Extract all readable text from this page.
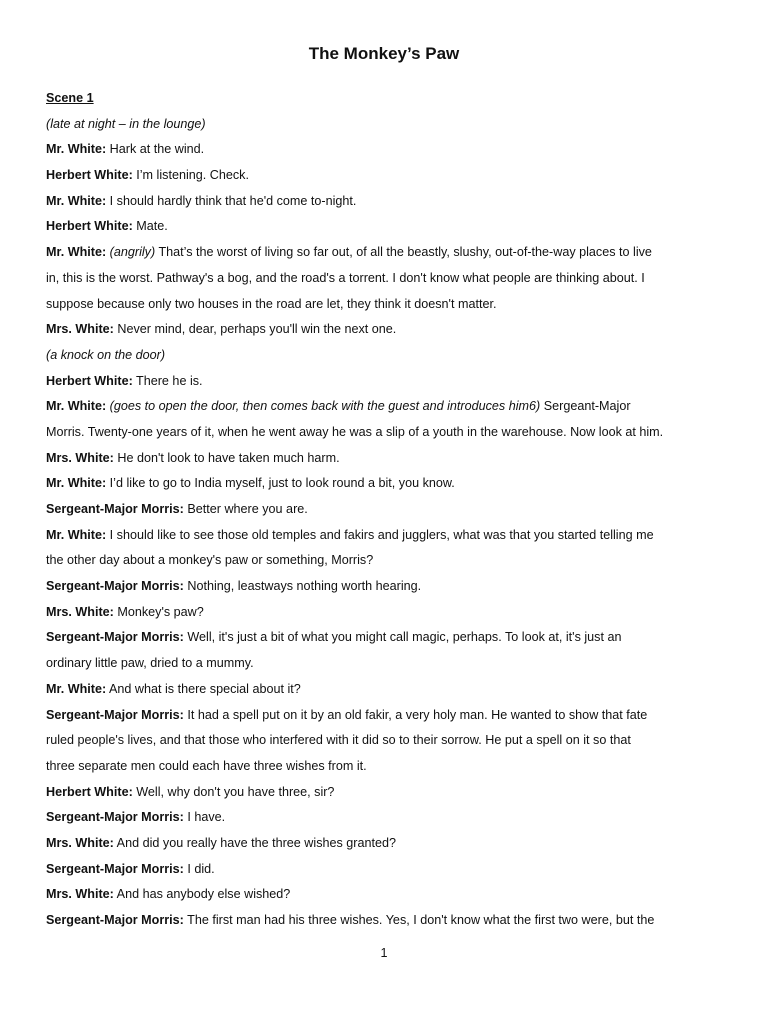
The Monkey’s Paw
Scene 1
(late at night – in the lounge)
Mr. White: Hark at the wind.
Herbert White: I’m listening. Check.
Mr. White: I should hardly think that he'd come to-night.
Herbert White: Mate.
Mr. White: (angrily) That’s the worst of living so far out, of all the beastly, slushy, out-of-the-way places to live
in, this is the worst. Pathway's a bog, and the road's a torrent. I don't know what people are thinking about. I
suppose because only two houses in the road are let, they think it doesn't matter.
Mrs. White: Never mind, dear, perhaps you'll win the next one.
(a knock on the door)
Herbert White: There he is.
Mr. White: (goes to open the door, then comes back with the guest and introduces him6) Sergeant-Major
Morris. Twenty-one years of it, when he went away he was a slip of a youth in the warehouse. Now look at him.
Mrs. White: He don't look to have taken much harm.
Mr. White: I’d like to go to India myself, just to look round a bit, you know.
Sergeant-Major Morris: Better where you are.
Mr. White: I should like to see those old temples and fakirs and jugglers, what was that you started telling me
the other day about a monkey's paw or something, Morris?
Sergeant-Major Morris: Nothing, leastways nothing worth hearing.
Mrs. White: Monkey's paw?
Sergeant-Major Morris: Well, it's just a bit of what you might call magic, perhaps. To look at, it's just an
ordinary little paw, dried to a mummy.
Mr. White: And what is there special about it?
Sergeant-Major Morris: It had a spell put on it by an old fakir, a very holy man. He wanted to show that fate
ruled people's lives, and that those who interfered with it did so to their sorrow. He put a spell on it so that
three separate men could each have three wishes from it.
Herbert White: Well, why don't you have three, sir?
Sergeant-Major Morris: I have.
Mrs. White: And did you really have the three wishes granted?
Sergeant-Major Morris: I did.
Mrs. White: And has anybody else wished?
Sergeant-Major Morris: The first man had his three wishes. Yes, I don't know what the first two were, but the
1
